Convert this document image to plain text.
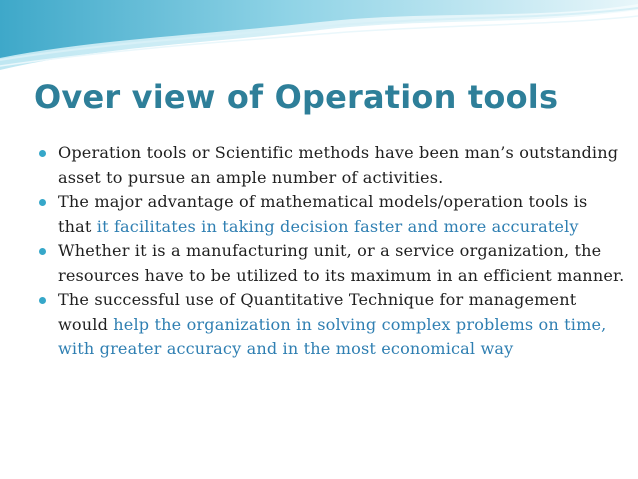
Over view of Operation tools
Operation tools or Scientific methods have been man’s outstanding asset to pursue an ample number of activities.
The major advantage of mathematical models/operation tools is that it facilitates in taking decision faster and more accurately
Whether it is a manufacturing unit, or a service organization, the resources have to be utilized to its maximum in an efficient manner.
The successful use of Quantitative Technique for management would help the organization in solving complex problems on time, with greater accuracy and in the most economical way
